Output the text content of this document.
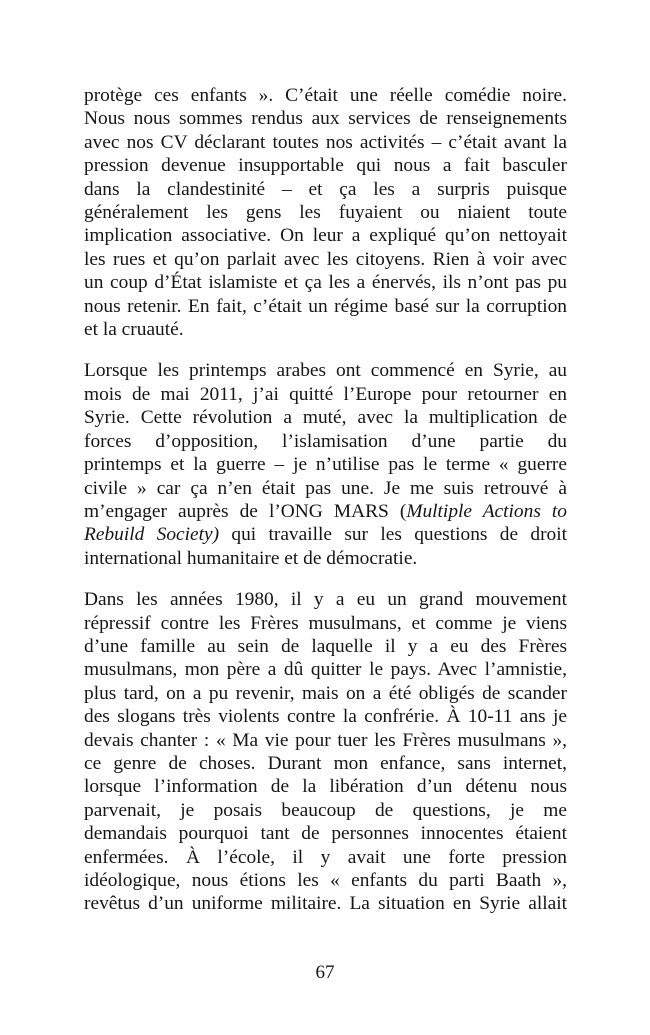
protège ces enfants ». C’était une réelle comédie noire.
Nous nous sommes rendus aux services de renseignements
avec nos CV déclarant toutes nos activités – c’était avant la
pression devenue insupportable qui nous a fait basculer
dans la clandestinité – et ça les a surpris puisque
généralement les gens les fuyaient ou niaient toute
implication associative. On leur a expliqué qu’on nettoyait
les rues et qu’on parlait avec les citoyens. Rien à voir avec
un coup d’État islamiste et ça les a énervés, ils n’ont pas pu
nous retenir. En fait, c’était un régime basé sur la corruption
et la cruauté.

Lorsque les printemps arabes ont commencé en Syrie, au
mois de mai 2011, j’ai quitté l’Europe pour retourner en
Syrie. Cette révolution a muté, avec la multiplication de
forces d’opposition, l’islamisation d’une partie du
printemps et la guerre – je n’utilise pas le terme « guerre
civile » car ça n’en était pas une. Je me suis retrouvé à
m’engager auprès de l’ONG MARS (Multiple Actions to
Rebuild Society) qui travaille sur les questions de droit
international humanitaire et de démocratie.

Dans les années 1980, il y a eu un grand mouvement
répressif contre les Frères musulmans, et comme je viens
d’une famille au sein de laquelle il y a eu des Frères
musulmans, mon père a dû quitter le pays. Avec l’amnistie,
plus tard, on a pu revenir, mais on a été obligés de scander
des slogans très violents contre la confrérie. À 10-11 ans je
devais chanter : « Ma vie pour tuer les Frères musulmans »,
ce genre de choses. Durant mon enfance, sans internet,
lorsque l’information de la libération d’un détenu nous
parvenait, je posais beaucoup de questions, je me
demandais pourquoi tant de personnes innocentes étaient
enfermées. À l’école, il y avait une forte pression
idéologique, nous étions les « enfants du parti Baath »,
revêtus d’un uniforme militaire. La situation en Syrie allait

67
